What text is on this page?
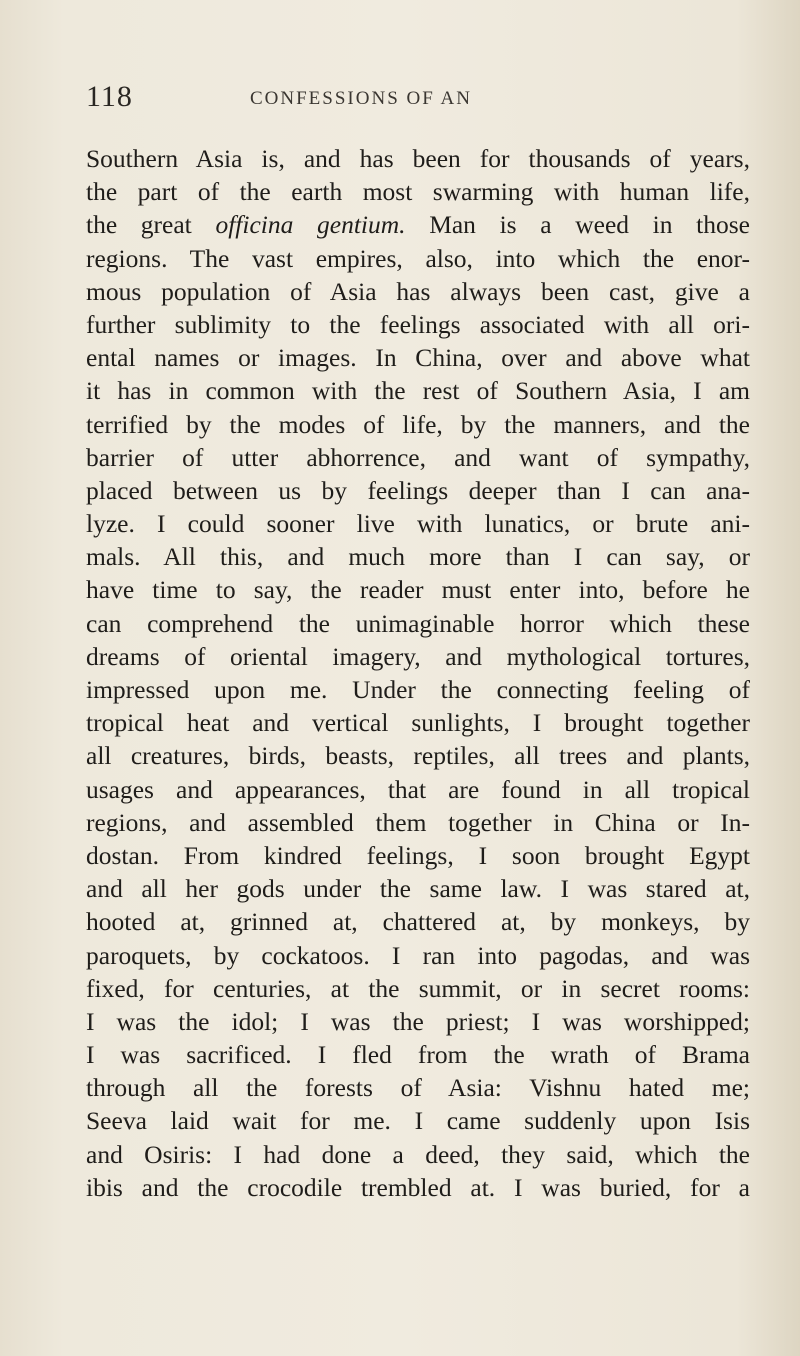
118	CONFESSIONS OF AN
Southern Asia is, and has been for thousands of years,
the part of the earth most swarming with human life,
the great officina gentium. Man is a weed in those
regions. The vast empires, also, into which the enor-
mous population of Asia has always been cast, give a
further sublimity to the feelings associated with all ori-
ental names or images. In China, over and above what
it has in common with the rest of Southern Asia, I am
terrified by the modes of life, by the manners, and the
barrier of utter abhorrence, and want of sympathy,
placed between us by feelings deeper than I can ana-
lyze. I could sooner live with lunatics, or brute ani-
mals. All this, and much more than I can say, or
have time to say, the reader must enter into, before he
can comprehend the unimaginable horror which these
dreams of oriental imagery, and mythological tortures,
impressed upon me. Under the connecting feeling of
tropical heat and vertical sunlights, I brought together
all creatures, birds, beasts, reptiles, all trees and plants,
usages and appearances, that are found in all tropical
regions, and assembled them together in China or In-
dostan. From kindred feelings, I soon brought Egypt
and all her gods under the same law. I was stared at,
hooted at, grinned at, chattered at, by monkeys, by
paroquets, by cockatoos. I ran into pagodas, and was
fixed, for centuries, at the summit, or in secret rooms:
I was the idol; I was the priest; I was worshipped;
I was sacrificed. I fled from the wrath of Brama
through all the forests of Asia: Vishnu hated me;
Seeva laid wait for me. I came suddenly upon Isis
and Osiris: I had done a deed, they said, which the
ibis and the crocodile trembled at. I was buried, for a
